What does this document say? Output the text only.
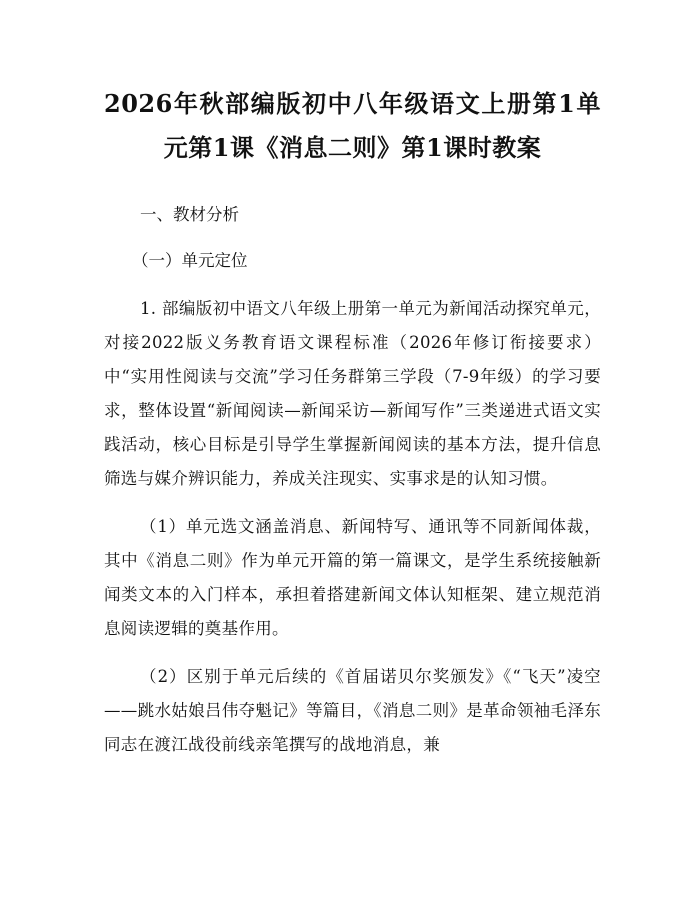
2026年秋部编版初中八年级语文上册第1单元第1课《消息二则》第1课时教案

一、教材分析

（一）单元定位

1. 部编版初中语文八年级上册第一单元为新闻活动探究单元，对接2022版义务教育语文课程标准（2026年修订衔接要求）中“实用性阅读与交流”学习任务群第三学段（7-9年级）的学习要求，整体设置“新闻阅读—新闻采访—新闻写作”三类递进式语文实践活动，核心目标是引导学生掌握新闻阅读的基本方法，提升信息筛选与媒介辨识能力，养成关注现实、实事求是的认知习惯。

（1）单元选文涵盖消息、新闻特写、通讯等不同新闻体裁，其中《消息二则》作为单元开篇的第一篇课文，是学生系统接触新闻类文本的入门样本，承担着搭建新闻文体认知框架、建立规范消息阅读逻辑的奠基作用。

（2）区别于单元后续的《首届诺贝尔奖颁发》《“飞天”凌空——跳水姑娘吕伟夺魁记》等篇目，《消息二则》是革命领袖毛泽东同志在渡江战役前线亲笔撰写的战地消息，兼
